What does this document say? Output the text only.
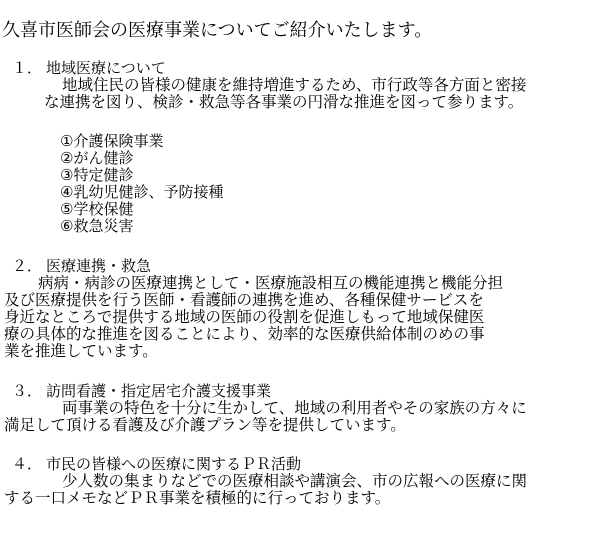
久喜市医師会の医療事業についてご紹介いたします。
１． 地域医療について
地域住民の皆様の健康を維持増進するため、市行政等各方面と密接
な連携を図り、検診・救急等各事業の円滑な推進を図って参ります。
①介護保険事業
②がん健診
③特定健診
④乳幼児健診、予防接種
⑤学校保健
⑥救急災害
２． 医療連携・救急
病病・病診の医療連携として・医療施設相互の機能連携と機能分担
及び医療提供を行う医師・看護師の連携を進め、各種保健サービスを
身近なところで提供する地域の医師の役割を促進しもって地域保健医
療の具体的な推進を図ることにより、効率的な医療供給体制のめの事
業を推進しています。
３． 訪問看護・指定居宅介護支援事業
両事業の特色を十分に生かして、地域の利用者やその家族の方々に
満足して頂ける看護及び介護プラン等を提供しています。
４． 市民の皆様への医療に関するＰＲ活動
少人数の集まりなどでの医療相談や講演会、市の広報への医療に関
する一口メモなどＰＲ事業を積極的に行っております。
